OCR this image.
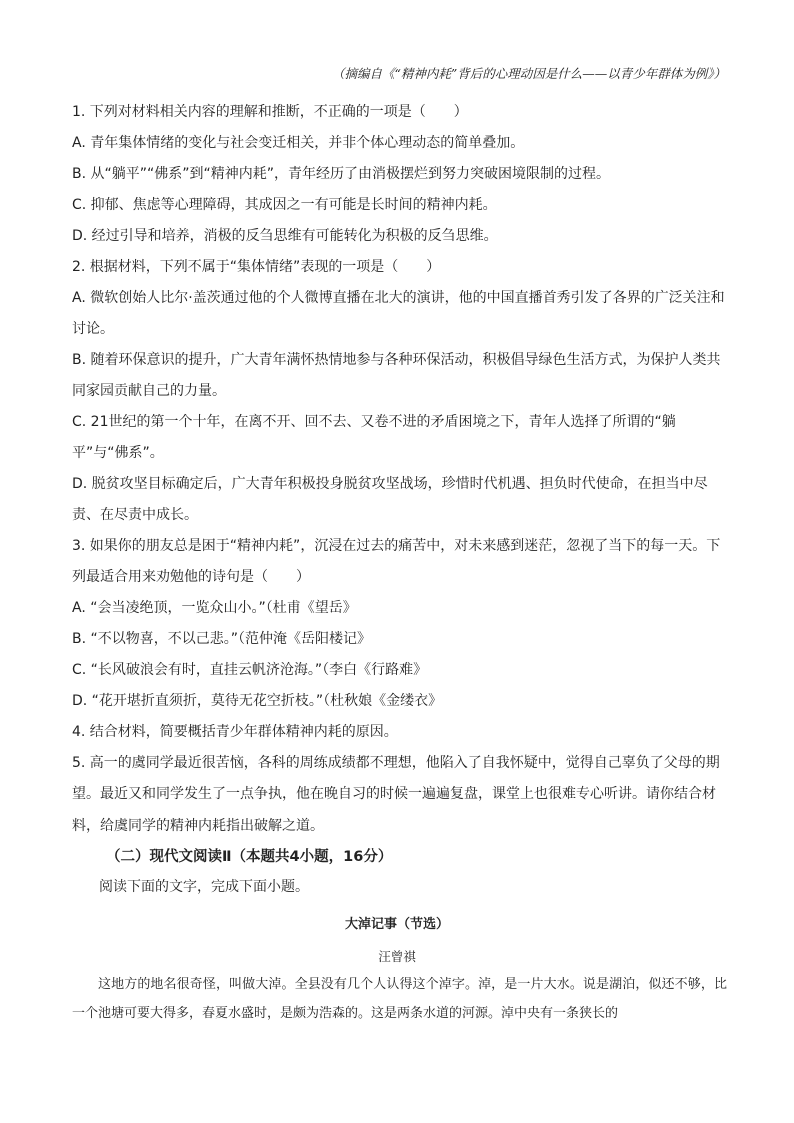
（摘编自《“精神内耗”背后的心理动因是什么——以青少年群体为例》）
1. 下列对材料相关内容的理解和推断，不正确的一项是（　　）
A. 青年集体情绪的变化与社会变迁相关，并非个体心理动态的简单叠加。
B. 从“躺平”“佛系”到“精神内耗”，青年经历了由消极摆烂到努力突破困境限制的过程。
C. 抑郁、焦虑等心理障碍，其成因之一有可能是长时间的精神内耗。
D. 经过引导和培养，消极的反刍思维有可能转化为积极的反刍思维。
2. 根据材料，下列不属于“集体情绪”表现的一项是（　　）
A. 微软创始人比尔·盖茨通过他的个人微博直播在北大的演讲，他的中国直播首秀引发了各界的广泛关注和讨论。
B. 随着环保意识的提升，广大青年满怀热情地参与各种环保活动，积极倡导绿色生活方式，为保护人类共同家园贡献自己的力量。
C. 21世纪的第一个十年，在离不开、回不去、又卷不进的矛盾困境之下，青年人选择了所谓的“躺平”与“佛系”。
D. 脱贫攻坚目标确定后，广大青年积极投身脱贫攻坚战场，珍惜时代机遇、担负时代使命，在担当中尽责、在尽责中成长。
3. 如果你的朋友总是困于“精神内耗”，沉浸在过去的痛苦中，对未来感到迷茫，忽视了当下的每一天。下列最适合用来劝勉他的诗句是（　　）
A. “会当凌绝顶，一览众山小。”（杜甫《望岳》
B. “不以物喜，不以己悲。”（范仲淹《岳阳楼记》
C. “长风破浪会有时，直挂云帆济沧海。”（李白《行路难》
D. “花开堪折直须折，莫待无花空折枝。”（杜秋娘《金缕衣》
4. 结合材料，简要概括青少年群体精神内耗的原因。
5. 高一的虞同学最近很苦恼，各科的周练成绩都不理想，他陷入了自我怀疑中，觉得自己辜负了父母的期望。最近又和同学发生了一点争执，他在晚自习的时候一遍遍复盘，课堂上也很难专心听讲。请你结合材料，给虞同学的精神内耗指出破解之道。
（二）现代文阅读Ⅱ（本题共4小题，16分）
阅读下面的文字，完成下面小题。
大淖记事（节选）
汪曾祺
这地方的地名很奇怪，叫做大淖。全县没有几个人认得这个淖字。淖，是一片大水。说是湖泊，似还不够，比一个池塘可要大得多，春夏水盛时，是颇为浩森的。这是两条水道的河源。淖中央有一条狭长的
